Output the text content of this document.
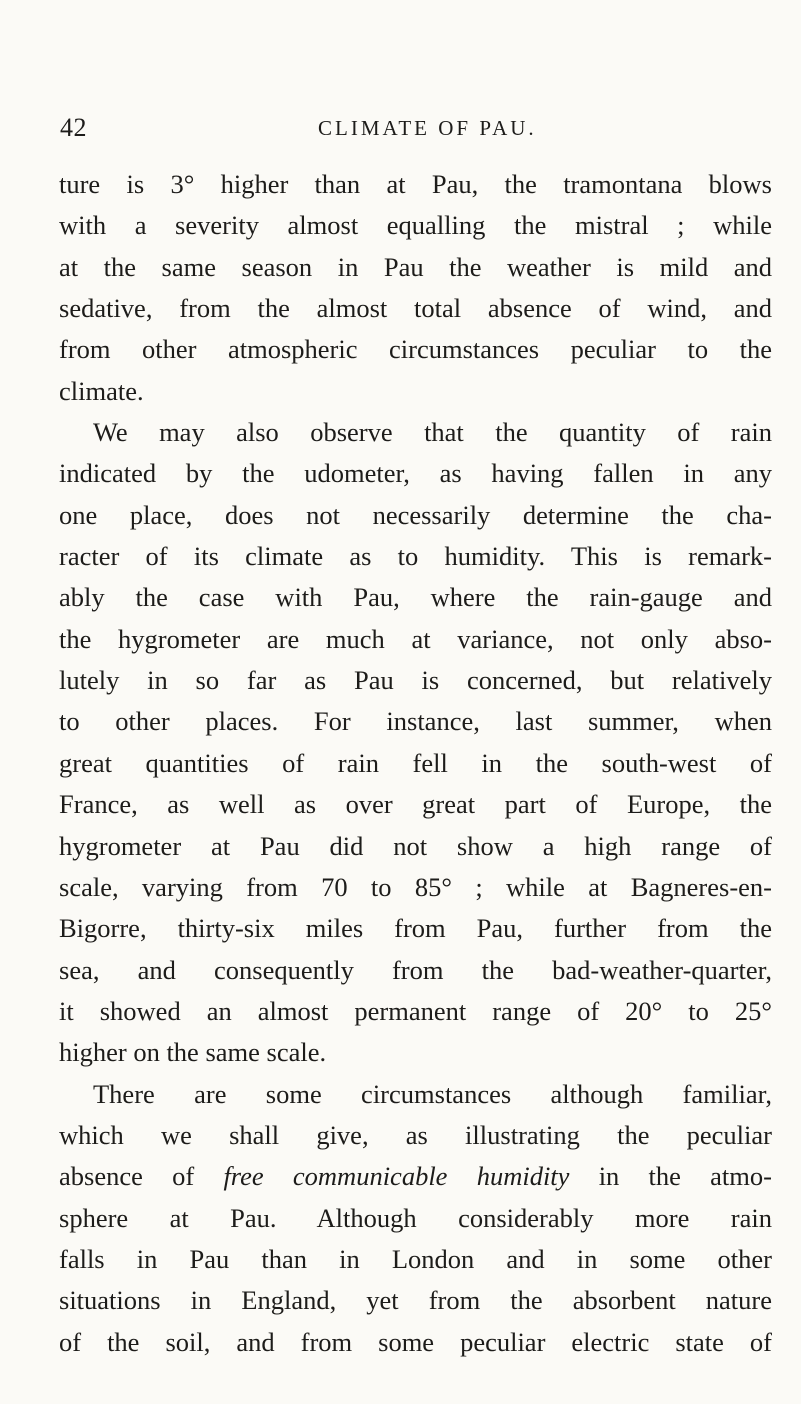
42	CLIMATE OF PAU.
ture is 3° higher than at Pau, the tramontana blows
with a severity almost equalling the mistral ; while
at the same season in Pau the weather is mild and
sedative, from the almost total absence of wind, and
from other atmospheric circumstances peculiar to the
climate.
We may also observe that the quantity of rain
indicated by the udometer, as having fallen in any
one place, does not necessarily determine the cha-
racter of its climate as to humidity. This is remark-
ably the case with Pau, where the rain-gauge and
the hygrometer are much at variance, not only abso-
lutely in so far as Pau is concerned, but relatively
to other places. For instance, last summer, when
great quantities of rain fell in the south-west of
France, as well as over great part of Europe, the
hygrometer at Pau did not show a high range of
scale, varying from 70 to 85° ; while at Bagneres-en-
Bigorre, thirty-six miles from Pau, further from the
sea, and consequently from the bad-weather-quarter,
it showed an almost permanent range of 20° to 25°
higher on the same scale.
There are some circumstances although familiar,
which we shall give, as illustrating the peculiar
absence of free communicable humidity in the atmo-
sphere at Pau. Although considerably more rain
falls in Pau than in London and in some other
situations in England, yet from the absorbent nature
of the soil, and from some peculiar electric state of
